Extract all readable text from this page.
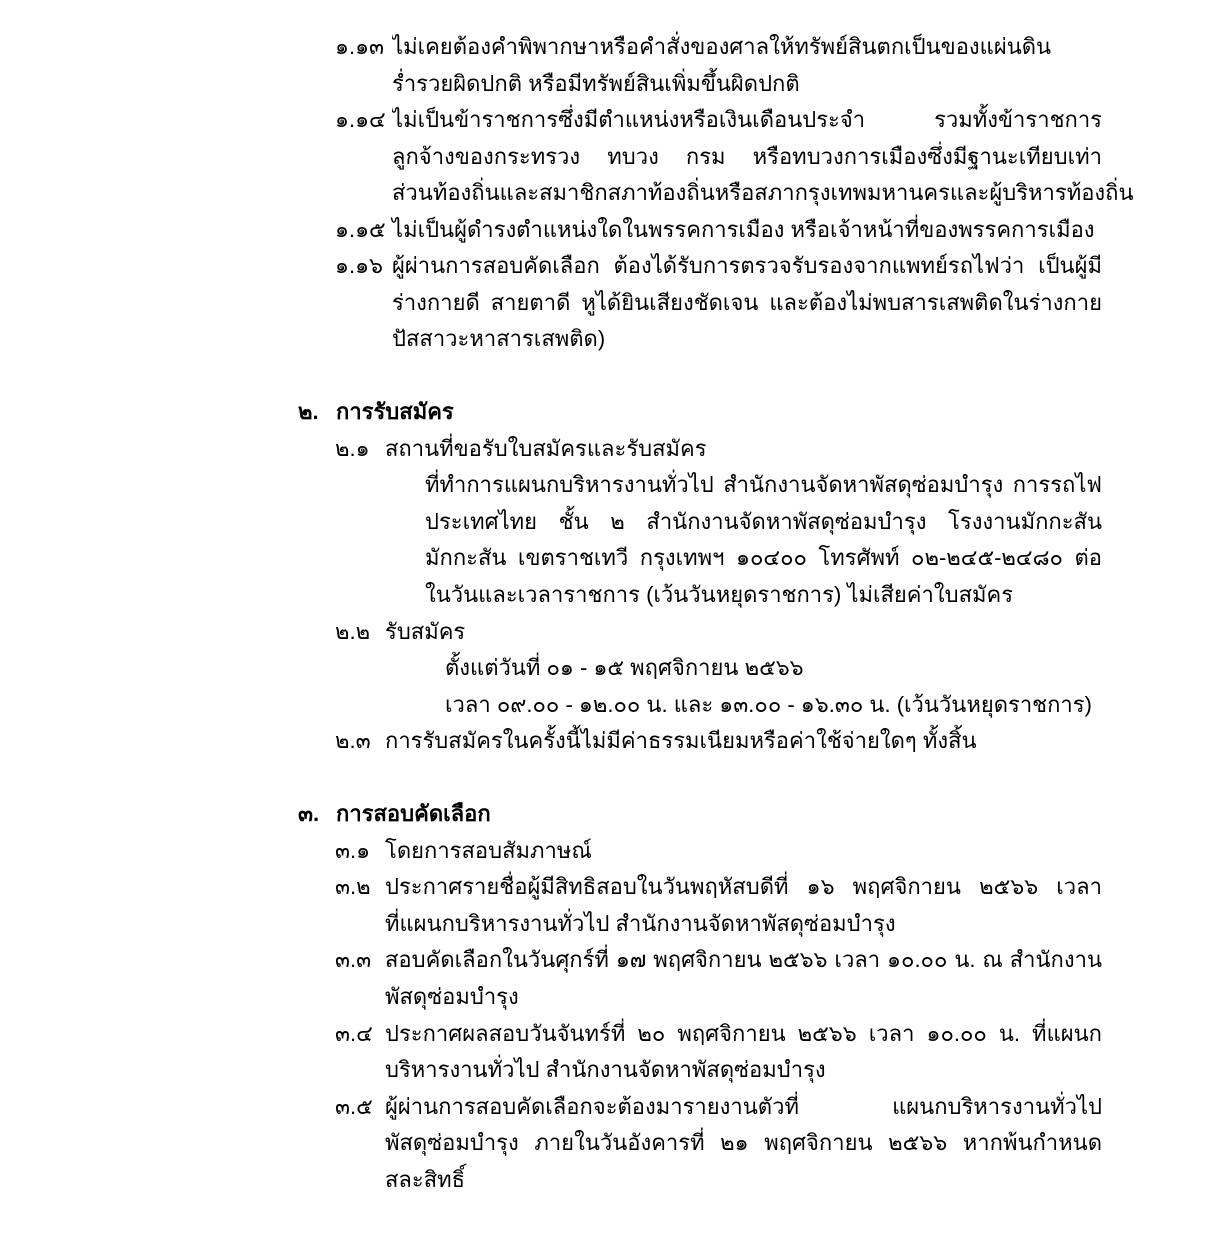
๑.๑๓ ไม่เคยต้องคำพิพากษาหรือคำสั่งของศาลให้ทรัพย์สินตกเป็นของแผ่นดิน
ร่ำรวยผิดปกติ หรือมีทรัพย์สินเพิ่มขึ้นผิดปกติ
๑.๑๔ ไม่เป็นข้าราชการซึ่งมีตำแหน่งหรือเงินเดือนประจำ รวมทั้งข้าราชการ
ลูกจ้างของกระทรวง ทบวง กรม หรือทบวงการเมืองซึ่งมีฐานะเทียบเท่า
ส่วนท้องถิ่นและสมาชิกสภาท้องถิ่นหรือสภากรุงเทพมหานครและผู้บริหารท้องถิ่น
๑.๑๕ ไม่เป็นผู้ดำรงตำแหน่งใดในพรรคการเมือง หรือเจ้าหน้าที่ของพรรคการเมือง
๑.๑๖ ผู้ผ่านการสอบคัดเลือก ต้องได้รับการตรวจรับรองจากแพทย์รถไฟว่า เป็นผู้มี
ร่างกายดี สายตาดี หูได้ยินเสียงชัดเจน และต้องไม่พบสารเสพติดในร่างกาย
ปัสสาวะหาสารเสพติด)
๒. การรับสมัคร
๒.๑ สถานที่ขอรับใบสมัครและรับสมัคร
ที่ทำการแผนกบริหารงานทั่วไป สำนักงานจัดหาพัสดุซ่อมบำรุง การรถไฟ
ประเทศไทย ชั้น ๒ สำนักงานจัดหาพัสดุซ่อมบำรุง โรงงานมักกะสัน
มักกะสัน เขตราชเทวี กรุงเทพฯ ๑๐๔๐๐ โทรศัพท์ ๐๒-๒๔๕-๒๔๘๐ ต่อ
ในวันและเวลาราชการ (เว้นวันหยุดราชการ) ไม่เสียค่าใบสมัคร
๒.๒ รับสมัคร
ตั้งแต่วันที่ ๐๑ - ๑๕ พฤศจิกายน ๒๕๖๖
เวลา ๐๙.๐๐ - ๑๒.๐๐ น. และ ๑๓.๐๐ - ๑๖.๓๐ น. (เว้นวันหยุดราชการ)
๒.๓ การรับสมัครในครั้งนี้ไม่มีค่าธรรมเนียมหรือค่าใช้จ่ายใดๆ ทั้งสิ้น
๓. การสอบคัดเลือก
๓.๑ โดยการสอบสัมภาษณ์
๓.๒ ประกาศรายชื่อผู้มีสิทธิสอบในวันพฤหัสบดีที่ ๑๖ พฤศจิกายน ๒๕๖๖ เวลา
ที่แผนกบริหารงานทั่วไป สำนักงานจัดหาพัสดุซ่อมบำรุง
๓.๓ สอบคัดเลือกในวันศุกร์ที่ ๑๗ พฤศจิกายน ๒๕๖๖ เวลา ๑๐.๐๐ น. ณ สำนักงาน
พัสดุซ่อมบำรุง
๓.๔ ประกาศผลสอบวันจันทร์ที่ ๒๐ พฤศจิกายน ๒๕๖๖ เวลา ๑๐.๐๐ น. ที่แผนก
บริหารงานทั่วไป สำนักงานจัดหาพัสดุซ่อมบำรุง
๓.๕ ผู้ผ่านการสอบคัดเลือกจะต้องมารายงานตัวที่ แผนกบริหารงานทั่วไป
พัสดุซ่อมบำรุง ภายในวันอังคารที่ ๒๑ พฤศจิกายน ๒๕๖๖ หากพ้นกำหนด
สละสิทธิ์
